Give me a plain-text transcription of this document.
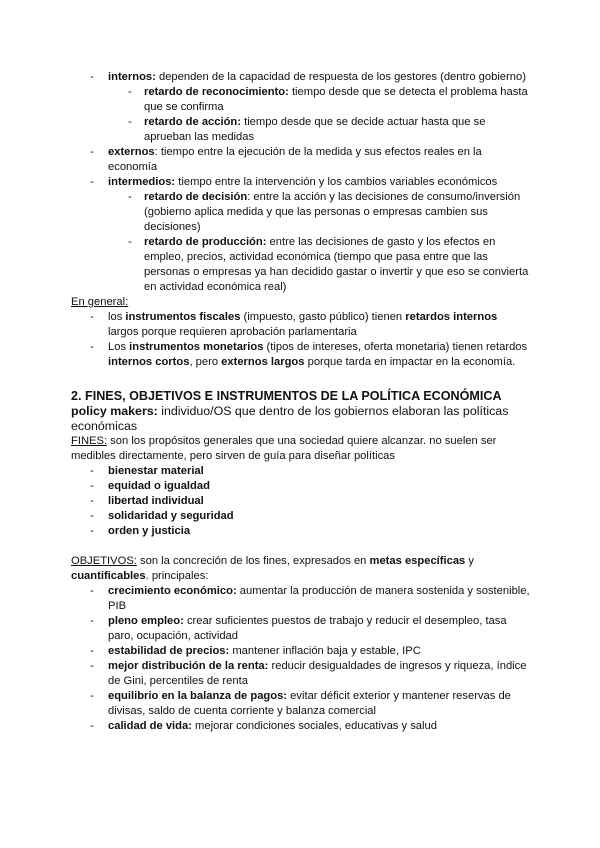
- internos: dependen de la capacidad de respuesta de los gestores (dentro gobierno)
- retardo de reconocimiento: tiempo desde que se detecta el problema hasta que se confirma
- retardo de acción: tiempo desde que se decide actuar hasta que se aprueban las medidas
- externos: tiempo entre la ejecución de la medida y sus efectos reales en la economía
- intermedios: tiempo entre la intervención y los cambios variables económicos
- retardo de decisión: entre la acción y las decisiones de consumo/inversión (gobierno aplica medida y que las personas o empresas cambien sus decisiones)
- retardo de producción: entre las decisiones de gasto y los efectos en empleo, precios, actividad económica (tiempo que pasa entre que las personas o empresas ya han decidido gastar o invertir y que eso se convierta en actividad económica real)
En general:
- los instrumentos fiscales (impuesto, gasto público) tienen retardos internos largos porque requieren aprobación parlamentaria
- Los instrumentos monetarios (tipos de intereses, oferta monetaria) tienen retardos internos cortos, pero externos largos porque tarda en impactar en la economía.
2. FINES, OBJETIVOS E INSTRUMENTOS DE LA POLÍTICA ECONÓMICA
policy makers: individuo/OS que dentro de los gobiernos elaboran las políticas económicas
FINES: son los propósitos generales que una sociedad quiere alcanzar. no suelen ser medibles directamente, pero sirven de guía para diseñar políticas
- bienestar material
- equidad o igualdad
- libertad individual
- solidaridad y seguridad
- orden y justicia
OBJETIVOS: son la concreción de los fines, expresados en metas específicas y cuantificables. principales:
- crecimiento económico: aumentar la producción de manera sostenida y sostenible, PIB
- pleno empleo: crear suficientes puestos de trabajo y reducir el desempleo, tasa paro, ocupación, actividad
- estabilidad de precios: mantener inflación baja y estable, IPC
- mejor distribución de la renta: reducir desigualdades de ingresos y riqueza, índice de Gini, percentiles de renta
- equilibrio en la balanza de pagos: evitar déficit exterior y mantener reservas de divisas, saldo de cuenta corriente y balanza comercial
- calidad de vida: mejorar condiciones sociales, educativas y salud
